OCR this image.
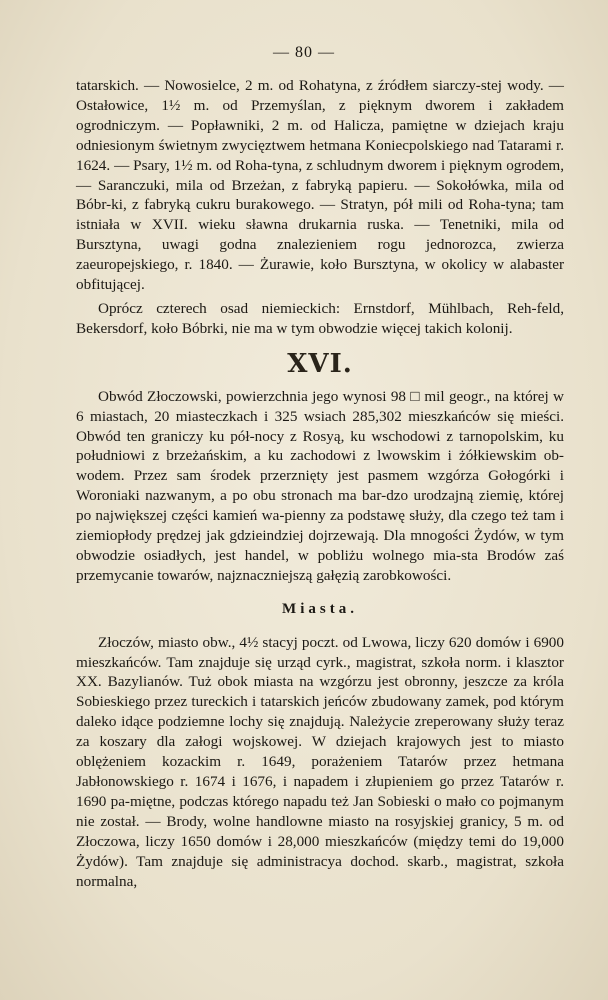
— 80 —

tatarskich. — Nowosielce, 2 m. od Rohatyna, z źródłem siarczy-stej wody. — Ostałowice, 1½ m. od Przemyślan, z pięknym dworem i zakładem ogrodniczym. — Popławniki, 2 m. od Halicza, pamiętne w dziejach kraju odniesionym świetnym zwycięztwem hetmana Koniecpolskiego nad Tatarami r. 1624. — Psary, 1½ m. od Roha-tyna, z schludnym dworem i pięknym ogrodem, — Saranczuki, mila od Brzeżan, z fabryką papieru. — Sokołówka, mila od Bóbr-ki, z fabryką cukru burakowego. — Stratyn, pół mili od Roha-tyna; tam istniała w XVII. wieku sławna drukarnia ruska. — Tenetniki, mila od Bursztyna, uwagi godna znalezieniem rogu jednorozca, zwierza zaeuropejskiego, r. 1840. — Żurawie, koło Bursztyna, w okolicy w alabaster obfitującej.

Oprócz czterech osad niemieckich: Ernstdorf, Mühlbach, Reh-feld, Bekersdorf, koło Bóbrki, nie ma w tym obwodzie więcej takich kolonij.

XVI.

Obwód Złoczowski, powierzchnia jego wynosi 98 □ mil geogr., na której w 6 miastach, 20 miasteczkach i 325 wsiach 285,302 mieszkańców się mieści. Obwód ten graniczy ku pół-nocy z Rosyą, ku wschodowi z tarnopolskim, ku południowi z brzeżańskim, a ku zachodowi z lwowskim i żółkiewskim ob-wodem. Przez sam środek przerznięty jest pasmem wzgórza Gołogórki i Woroniaki nazwanym, a po obu stronach ma bar-dzo urodzajną ziemię, której po największej części kamień wa-pienny za podstawę służy, dla czego też tam i ziemiopłody prędzej jak gdzieindziej dojrzewają. Dla mnogości Żydów, w tym obwodzie osiadłych, jest handel, w pobliżu wolnego mia-sta Brodów zaś przemycanie towarów, najznaczniejszą gałęzią zarobkowości.

Miasta.

Złoczów, miasto obw., 4½ stacyj poczt. od Lwowa, liczy 620 domów i 6900 mieszkańców. Tam znajduje się urząd cyrk., magistrat, szkoła norm. i klasztor XX. Bazylianów. Tuż obok miasta na wzgórzu jest obronny, jeszcze za króla Sobieskiego przez tureckich i tatarskich jeńców zbudowany zamek, pod którym daleko idące podziemne lochy się znajdują. Należycie zreperowany służy teraz za koszary dla załogi wojskowej. W dziejach krajowych jest to miasto oblężeniem kozackim r. 1649, porażeniem Tatarów przez hetmana Jabłonowskiego r. 1674 i 1676, i napadem i złupieniem go przez Tatarów r. 1690 pa-miętne, podczas którego napadu też Jan Sobieski o mało co pojmanym nie został. — Brody, wolne handlowne miasto na rosyjskiej granicy, 5 m. od Złoczowa, liczy 1650 domów i 28,000 mieszkańców (między temi do 19,000 Żydów). Tam znajduje się administracya dochod. skarb., magistrat, szkoła normalna,
